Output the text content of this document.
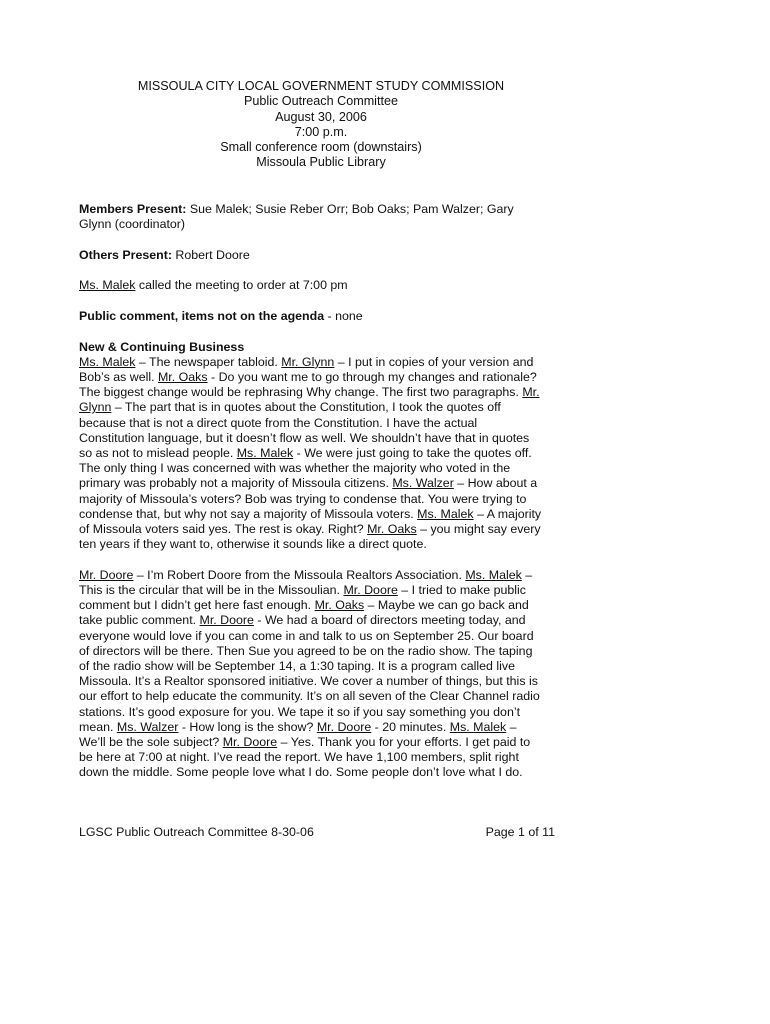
MISSOULA CITY LOCAL GOVERNMENT STUDY COMMISSION
Public Outreach Committee
August 30, 2006
7:00 p.m.
Small conference room (downstairs)
Missoula Public Library
Members Present: Sue Malek; Susie Reber Orr; Bob Oaks; Pam Walzer; Gary
Glynn (coordinator)
Others Present: Robert Doore
Ms. Malek called the meeting to order at 7:00 pm
Public comment, items not on the agenda - none
New & Continuing Business
Ms. Malek – The newspaper tabloid. Mr. Glynn – I put in copies of your version and
Bob’s as well. Mr. Oaks - Do you want me to go through my changes and rationale?
The biggest change would be rephrasing Why change. The first two paragraphs. Mr.
Glynn – The part that is in quotes about the Constitution, I took the quotes off
because that is not a direct quote from the Constitution. I have the actual
Constitution language, but it doesn’t flow as well. We shouldn’t have that in quotes
so as not to mislead people. Ms. Malek - We were just going to take the quotes off.
The only thing I was concerned with was whether the majority who voted in the
primary was probably not a majority of Missoula citizens. Ms. Walzer – How about a
majority of Missoula’s voters? Bob was trying to condense that. You were trying to
condense that, but why not say a majority of Missoula voters. Ms. Malek – A majority
of Missoula voters said yes. The rest is okay. Right? Mr. Oaks – you might say every
ten years if they want to, otherwise it sounds like a direct quote.
Mr. Doore – I’m Robert Doore from the Missoula Realtors Association. Ms. Malek –
This is the circular that will be in the Missoulian. Mr. Doore – I tried to make public
comment but I didn’t get here fast enough. Mr. Oaks – Maybe we can go back and
take public comment. Mr. Doore - We had a board of directors meeting today, and
everyone would love if you can come in and talk to us on September 25. Our board
of directors will be there. Then Sue you agreed to be on the radio show. The taping
of the radio show will be September 14, a 1:30 taping. It is a program called live
Missoula. It’s a Realtor sponsored initiative. We cover a number of things, but this is
our effort to help educate the community. It’s on all seven of the Clear Channel radio
stations. It’s good exposure for you. We tape it so if you say something you don’t
mean. Ms. Walzer - How long is the show? Mr. Doore - 20 minutes. Ms. Malek –
We’ll be the sole subject? Mr. Doore – Yes. Thank you for your efforts. I get paid to
be here at 7:00 at night. I’ve read the report. We have 1,100 members, split right
down the middle. Some people love what I do. Some people don’t love what I do.
LGSC Public Outreach Committee 8-30-06	Page 1 of 11
